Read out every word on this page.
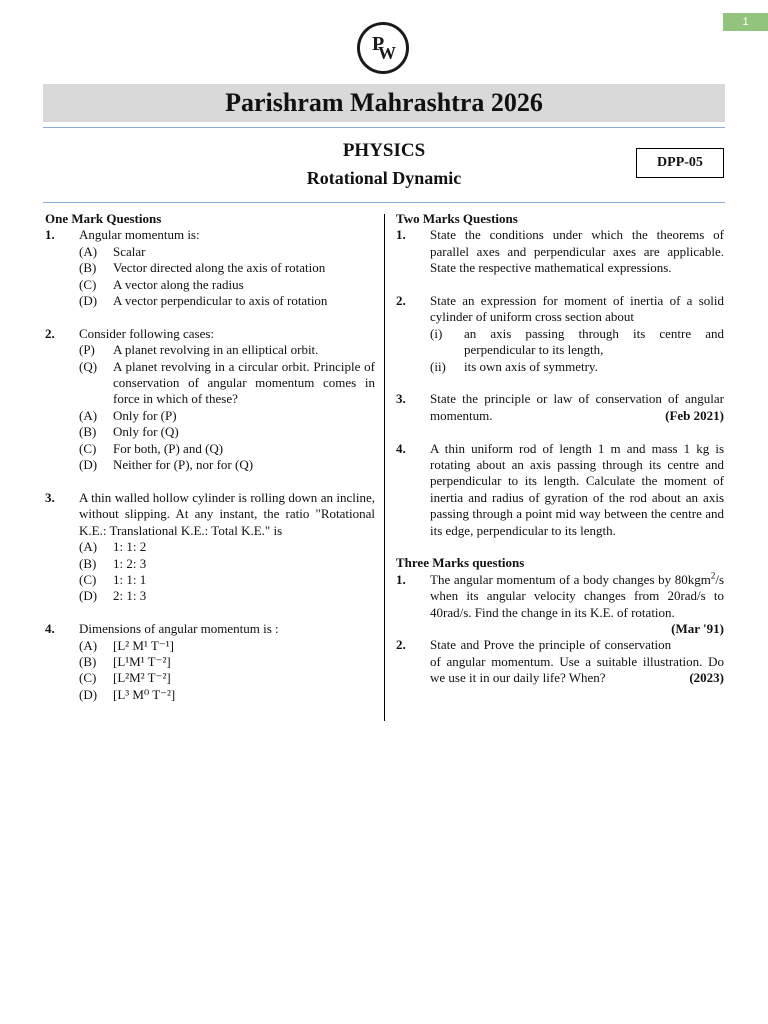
1
P
W
Parishram Mahrashtra 2026
PHYSICS
Rotational Dynamic
DPP-05
One Mark Questions
1. Angular momentum is:
(A) Scalar
(B) Vector directed along the axis of rotation
(C) A vector along the radius
(D) A vector perpendicular to axis of rotation
2. Consider following cases:
(P) A planet revolving in an elliptical orbit.
(Q) A planet revolving in a circular orbit. Principle of conservation of angular momentum comes in force in which of these?
(A) Only for (P)
(B) Only for (Q)
(C) For both, (P) and (Q)
(D) Neither for (P), nor for (Q)
3. A thin walled hollow cylinder is rolling down an incline, without slipping. At any instant, the ratio "Rotational K.E.: Translational K.E.: Total K.E." is
(A) 1: 1: 2
(B) 1: 2: 3
(C) 1: 1: 1
(D) 2: 1: 3
4. Dimensions of angular momentum is :
(A) [L² M¹ T⁻¹]
(B) [L¹M¹ T⁻²]
(C) [L²M² T⁻²]
(D) [L³ M⁰ T⁻²]
Two Marks Questions
1. State the conditions under which the theorems of parallel axes and perpendicular axes are applicable. State the respective mathematical expressions.
2. State an expression for moment of inertia of a solid cylinder of uniform cross section about
(i) an axis passing through its centre and perpendicular to its length,
(ii) its own axis of symmetry.
3. State the principle or law of conservation of angular momentum.	(Feb 2021)
4. A thin uniform rod of length 1 m and mass 1 kg is rotating about an axis passing through its centre and perpendicular to its length. Calculate the moment of inertia and radius of gyration of the rod about an axis passing through a point mid way between the centre and its edge, perpendicular to its length.
Three Marks questions
1. The angular momentum of a body changes by 80kgm$^2$/s when its angular velocity changes from 20rad/s to 40rad/s. Find the change in its K.E. of rotation.
(Mar '91)
2. State and Prove the principle of conservation of angular momentum. Use a suitable illustration. Do we use it in our daily life? When?	(2023)
